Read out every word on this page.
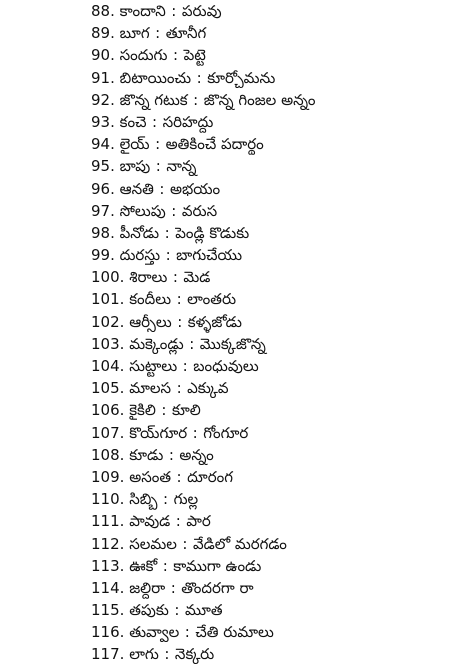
88. కాందాని : పరువు
89. బూగ : తూనీగ
90. సందుగు : పెట్టె
91. బిటాయించు : కూర్చోమను
92. జొన్న గటుక : జొన్న గింజల అన్నం
93. కంచె : సరిహద్దు
94. లైయ్ : అతికించే పదార్థం
95. బాపు : నాన్న
96. ఆనతి : అభయం
97. సోలుపు : వరుస
98. పీనోడు : పెండ్లి కొడుకు
99. దురస్తు : బాగుచేయు
100. శిరాలు : మెడ
101. కందీలు : లాంతరు
102. ఆర్సీలు : కళ్ళజోడు
103. మక్కెండ్లు : మొక్కజొన్న
104. సుట్టాలు : బంధువులు
105. మాలస : ఎక్కువ
106. కైకిలి : కూలి
107. కొయ్‌గూర : గోంగూర
108. కూడు : అన్నం
109. అసంత : దూరంగ
110. సిబ్బి : గుల్ల
111. పావుడ : పార
112. సలమల : వేడిలో మరగడం
113. ఊకో : కాముగా ఉండు
114. జల్దిరా : తొందరగా రా
115. తపుకు : మూత
116. తువ్వాల : చేతి రుమాలు
117. లాగు : నెక్కరు
